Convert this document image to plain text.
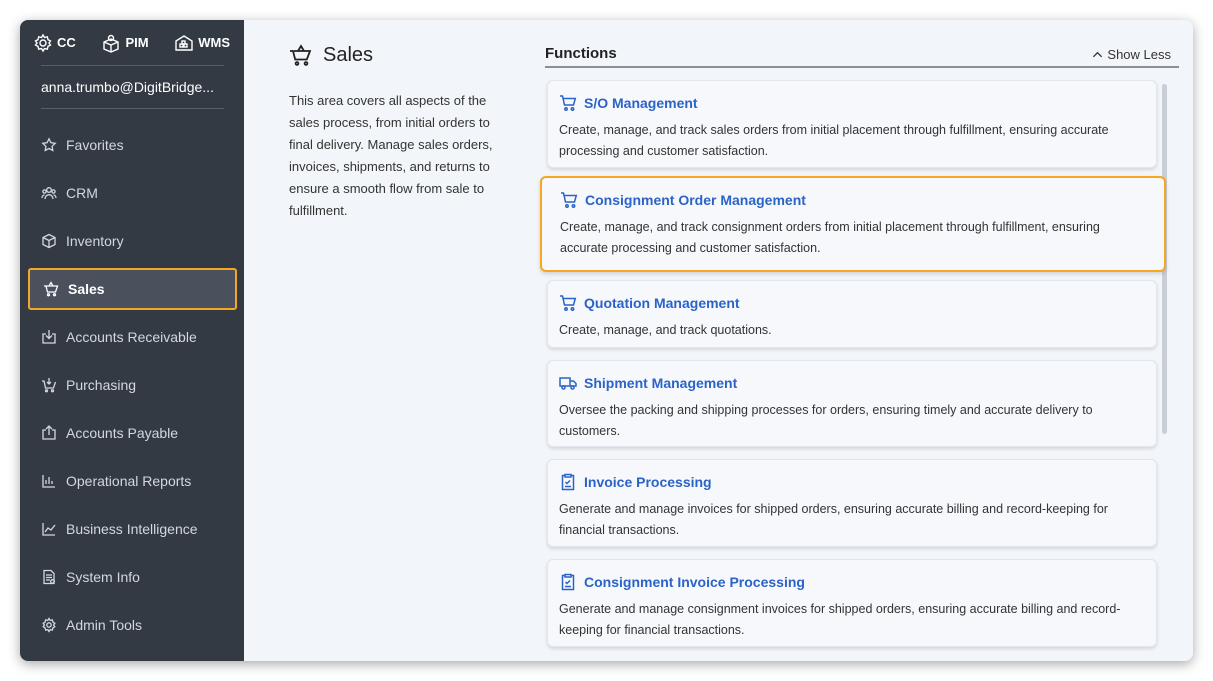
CC	PIM	WMS
anna.trumbo@DigitBridge...
Favorites
CRM
Inventory
Sales
Accounts Receivable
Purchasing
Accounts Payable
Operational Reports
Business Intelligence
System Info
Admin Tools
Sales

This area covers all aspects of the sales process, from initial orders to final delivery. Manage sales orders, invoices, shipments, and returns to ensure a smooth flow from sale to fulfillment.

Functions	Show Less
S/O Management
Create, manage, and track sales orders from initial placement through fulfillment, ensuring accurate processing and customer satisfaction.
Consignment Order Management
Create, manage, and track consignment orders from initial placement through fulfillment, ensuring accurate processing and customer satisfaction.
Quotation Management
Create, manage, and track quotations.
Shipment Management
Oversee the packing and shipping processes for orders, ensuring timely and accurate delivery to customers.
Invoice Processing
Generate and manage invoices for shipped orders, ensuring accurate billing and record-keeping for financial transactions.
Consignment Invoice Processing
Generate and manage consignment invoices for shipped orders, ensuring accurate billing and record-keeping for financial transactions.
